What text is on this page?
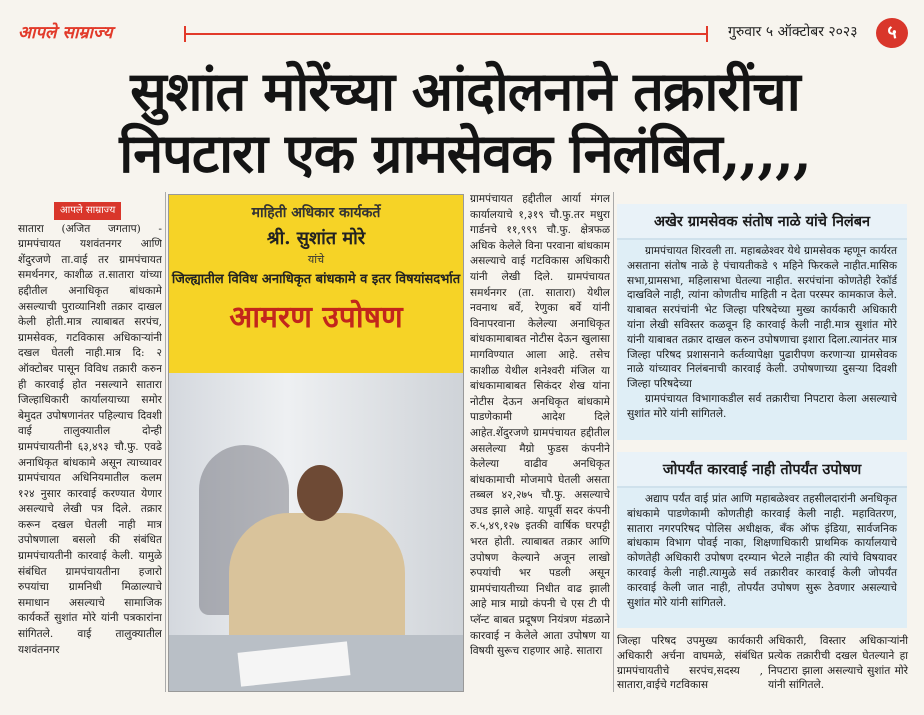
आपले साम्राज्य	गुरुवार ५ ऑक्टोबर २०२३	५
सुशांत मोरेंच्या आंदोलनाने तक्रारींचा
निपटारा एक ग्रामसेवक निलंबित,,,,,
आपले साम्राज्य
सातारा (अजित जगताप) - ग्रामपंचायत यशवंतनगर आणि शेंदुरजणे ता.वाई तर ग्रामपंचायत समर्थनगर, काशीळ त.सातारा यांच्या हद्दीतील अनाधिकृत बांधकामे असल्याची पुराव्यानिशी तक्रार दाखल केली होती.मात्र त्याबाबत सरपंच, ग्रामसेवक, गटविकास अधिकाऱ्यांनी दखल घेतली नाही.मात्र दि: २ ऑक्टोबर पासून विविध तक्रारी करुन ही कारवाई होत नसल्याने सातारा जिल्हाधिकारी कार्यालयाच्या समोर बेमुदत उपोषणानंतर पहिल्याच दिवशी वाई तालुक्यातील दोन्ही ग्रामपंचायतीनी ६३,४९३ चौ.फु. एवढे अनाधिकृत बांधकामे असून त्याच्यावर ग्रामपंचायत अधिनियमातील कलम १२४ नुसार कारवाई करण्यात येणार असल्याचे लेखी पत्र दिले. तक्रार करून दखल घेतली नाही मात्र उपोषणाला बसलो की संबंधित ग्रामपंचायतीनी कारवाई केली. यामुळे संबंधित ग्रामपंचायतीना हजारो रुपयांचा ग्रामनिधी मिळाल्याचे समाधान असल्याचे सामाजिक कार्यकर्ते सुशांत मोरे यांनी पत्रकारांना सांगितले. वाई तालुक्यातील यशवंतनगर
माहिती अधिकार कार्यकर्ते
श्री. सुशांत मोरे
यांचे
जिल्ह्यातील विविध अनाधिकृत बांधकामे व इतर विषयांसदर्भात
आमरण उपोषण
ग्रामपंचायत हद्दीतील आर्या मंगल कार्यालयाचे १,३१९ चौ.फु.तर मधुरा गार्डनचे ११,९९९ चौ.फु. क्षेत्रफळ अधिक केलेले विना परवाना बांधकाम असल्याचे वाई गटविकास अधिकारी यांनी लेखी दिले. ग्रामपंचायत समर्थनगर (ता. सातारा) येथील नवनाथ बर्वे, रेणुका बर्वे यांनी विनापरवाना केलेल्या अनाधिकृत बांधकामाबाबत नोटीस देऊन खुलासा मागविण्यात आला आहे. तसेच काशीळ येथील शनेश्वरी मंजिल या बांधकामाबाबत सिकंदर शेख यांना नोटीस देऊन अनधिकृत बांधकामे पाडणेकामी आदेश दिले आहेत.शेंदुरजणे ग्रामपंचायत हद्दीतील असलेल्या मैग्रो फुडस कंपनीने केलेल्या वाढीव अनधिकृत बांधकामाची मोजमापे घेतली असता तब्बल ४२,२७५ चौ.फु. असल्याचे उघड झाले आहे. यापूर्वी सदर कंपनी रु.५,४९,१२७ इतकी वार्षिक घरपट्टी भरत होती. त्याबाबत तक्रार आणि उपोषण केल्याने अजून लाखो रुपयांची भर पडली असून ग्रामपंचायतीच्या निधीत वाढ झाली आहे मात्र माग्रो कंपनी चे एस टी पी प्लॅन्ट बाबत प्रदूषण नियंत्रण मंडळाने कारवाई न केलेले आता उपोषण या विषयी सुरूच राहणार आहे. सातारा
अखेर ग्रामसेवक संतोष नाळे यांचे निलंबन

ग्रामपंचायत शिरवली ता. महाबळेश्वर येथे ग्रामसेवक म्हणून कार्यरत असताना संतोष नाळे हे पंचायतीकडे ९ महिने फिरकले नाहीत.मासिक सभा,ग्रामसभा, महिलासभा घेतल्या नाहीत. सरपंचांना कोणतेही रेकॉर्ड दाखविले नाही, त्यांना कोणतीच माहिती न देता परस्पर कामकाज केले. याबाबत सरपंचांनी भेट जिल्हा परिषदेच्या मुख्य कार्यकारी अधिकारी यांना लेखी सविस्तर कळवून हि कारवाई केली नाही.मात्र सुशांत मोरे यांनी याबाबत तक्रार दाखल करुन उपोषणाचा इशारा दिला.त्यानंतर मात्र जिल्हा परिषद प्रशासनाने कर्तव्यापेक्षा पुढारीपण करणाऱ्या ग्रामसेवक नाळे यांच्यावर निलंबनाची कारवाई केली. उपोषणाच्या दुसऱ्या दिवशी जिल्हा परिषदेच्या

ग्रामपंचायत विभागाकडील सर्व तक्रारीचा निपटारा केला असल्याचे सुशांत मोरे यांनी सांगितले.

जोपर्यंत कारवाई नाही तोपर्यंत उपोषण

अद्याप पर्यंत वाई प्रांत आणि महाबळेश्वर तहसीलदारांनी अनधिकृत बांधकामे पाडणेकामी कोणतीही कारवाई केली नाही. महावितरण, सातारा नगरपरिषद पोलिस अधीक्षक, बँक ऑफ इंडिया, सार्वजनिक बांधकाम विभाग पोवई नाका, शिक्षणाधिकारी प्राथमिक कार्यालयाचे कोणतेही अधिकारी उपोषण दरम्यान भेटले नाहीत की त्यांचे विषयावर कारवाई केली नाही.त्यामुळे सर्व तक्रारीवर कारवाई केली जोपर्यंत कारवाई केली जात नाही, तोपर्यंत उपोषण सुरू ठेवणार असल्याचे सुशांत मोरे यांनी सांगितले.

जिल्हा परिषद उपमुख्य कार्यकारी अधिकारी अर्चना वाघमळे, संबंधित ग्रामपंचायतीचे सरपंच,सदस्य , सातारा,वाईचे गटविकास
अधिकारी, विस्तार अधिकाऱ्यांनी प्रत्येक तक्रारीची दखल घेतल्याने हा निपटारा झाला असल्याचे सुशांत मोरे यांनी सांगितले.
